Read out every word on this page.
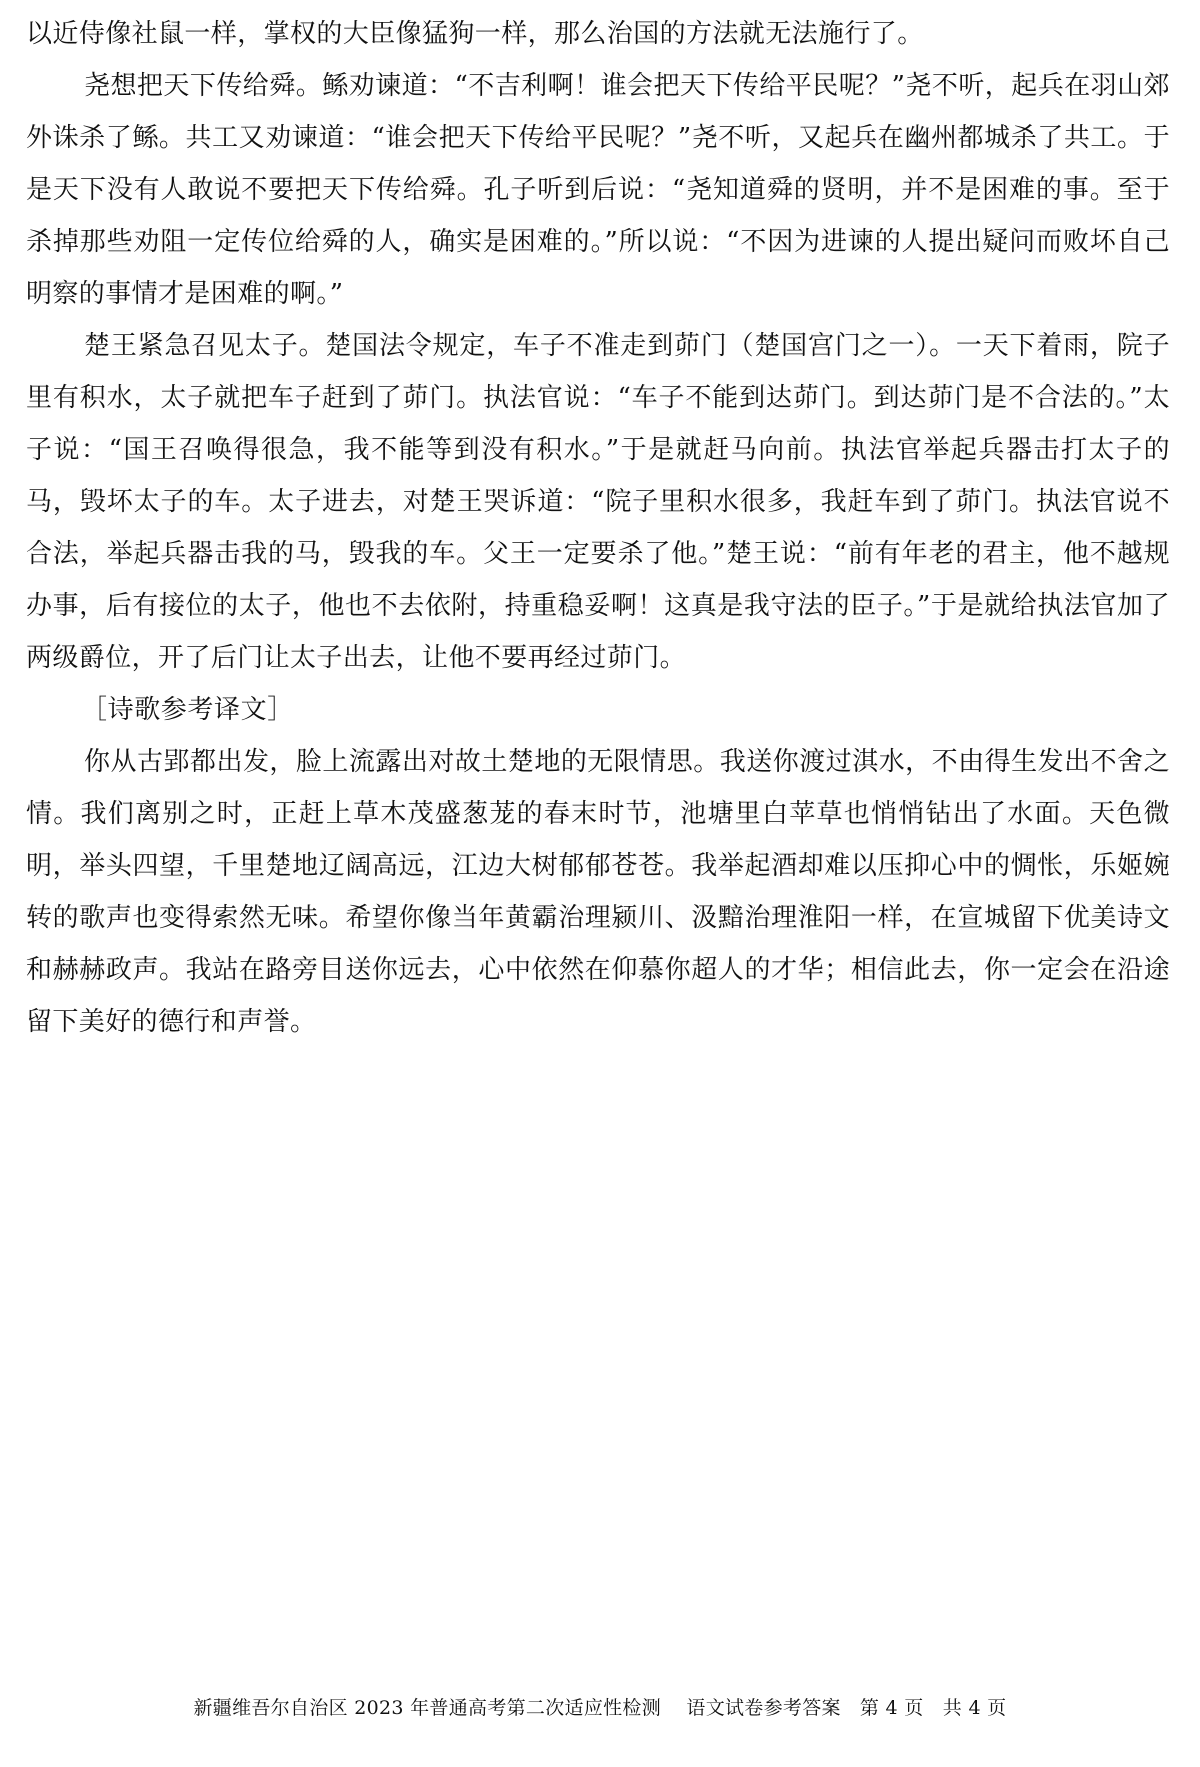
以近侍像社鼠一样，掌权的大臣像猛狗一样，那么治国的方法就无法施行了。

尧想把天下传给舜。鲧劝谏道：“不吉利啊！谁会把天下传给平民呢？”尧不听，起兵在羽山郊外诛杀了鲧。共工又劝谏道：“谁会把天下传给平民呢？”尧不听，又起兵在幽州都城杀了共工。于是天下没有人敢说不要把天下传给舜。孔子听到后说：“尧知道舜的贤明，并不是困难的事。至于杀掉那些劝阻一定传位给舜的人，确实是困难的。”所以说：“不因为进谏的人提出疑问而败坏自己明察的事情才是困难的啊。”

楚王紧急召见太子。楚国法令规定，车子不准走到茆门（楚国宫门之一）。一天下着雨，院子里有积水，太子就把车子赶到了茆门。执法官说：“车子不能到达茆门。到达茆门是不合法的。”太子说：“国王召唤得很急，我不能等到没有积水。”于是就赶马向前。执法官举起兵器击打太子的马，毁坏太子的车。太子进去，对楚王哭诉道：“院子里积水很多，我赶车到了茆门。执法官说不合法，举起兵器击我的马，毁我的车。父王一定要杀了他。”楚王说：“前有年老的君主，他不越规办事，后有接位的太子，他也不去依附，持重稳妥啊！这真是我守法的臣子。”于是就给执法官加了两级爵位，开了后门让太子出去，让他不要再经过茆门。

［诗歌参考译文］

你从古郢都出发，脸上流露出对故土楚地的无限情思。我送你渡过淇水，不由得生发出不舍之情。我们离别之时，正赶上草木茂盛葱茏的春末时节，池塘里白苹草也悄悄钻出了水面。天色微明，举头四望，千里楚地辽阔高远，江边大树郁郁苍苍。我举起酒却难以压抑心中的惆怅，乐姬婉转的歌声也变得索然无味。希望你像当年黄霸治理颍川、汲黯治理淮阳一样，在宣城留下优美诗文和赫赫政声。我站在路旁目送你远去，心中依然在仰慕你超人的才华；相信此去，你一定会在沿途留下美好的德行和声誉。

新疆维吾尔自治区 2023 年普通高考第二次适应性检测 语文试卷参考答案 第 4 页　共 4 页
